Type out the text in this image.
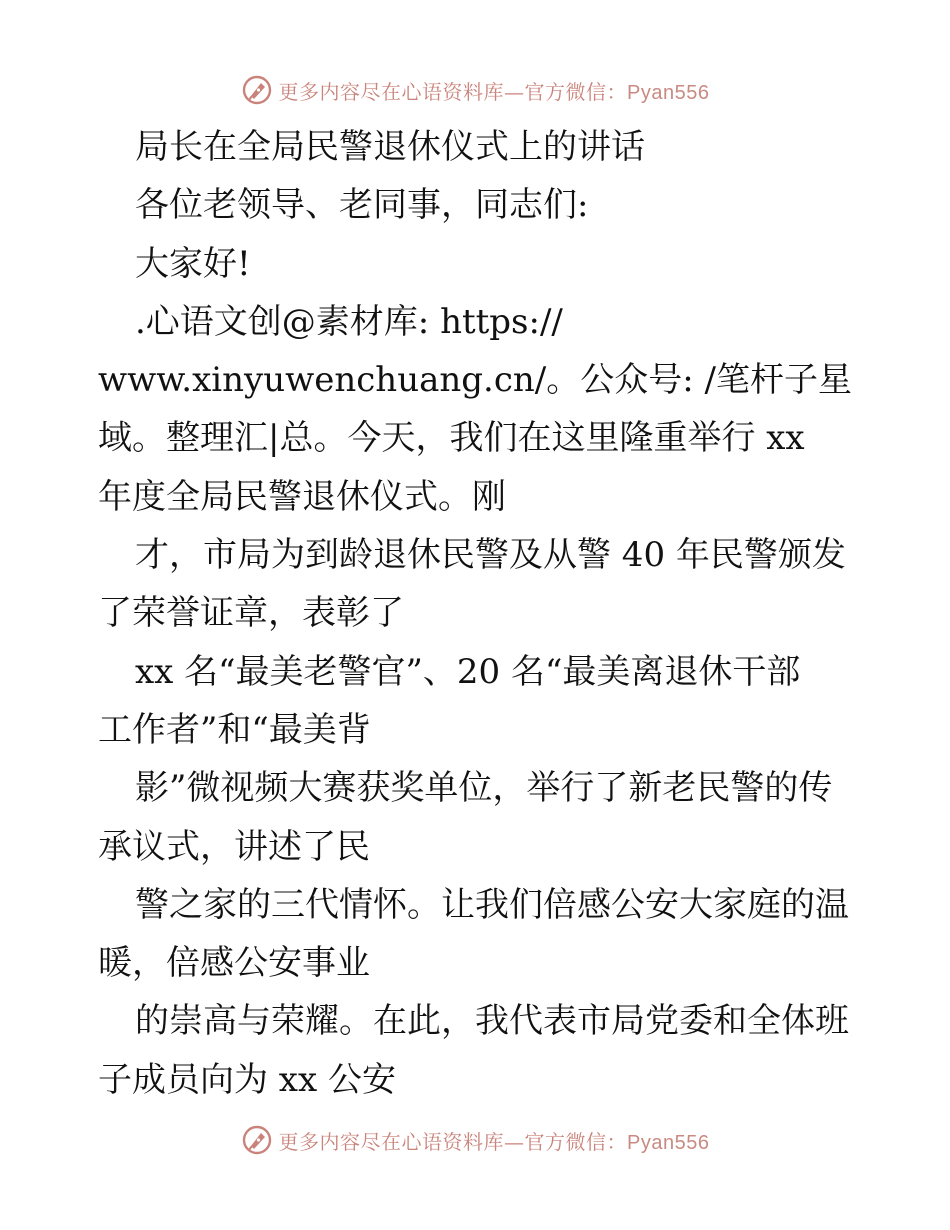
更多内容尽在心语资料库—官方微信：Pyan556
局长在全局民警退休仪式上的讲话
各位老领导、老同事，同志们:
大家好!
.心语文创@素材库: https://
www.xinyuwenchuang.cn/。公众号: /笔杆子星
域。整理汇|总。今天，我们在这里隆重举行 xx
年度全局民警退休仪式。刚
才，市局为到龄退休民警及从警 40 年民警颁发
了荣誉证章，表彰了
xx 名“最美老警官”、20 名“最美离退休干部
工作者”和“最美背
影”微视频大赛获奖单位，举行了新老民警的传
承议式，讲述了民
警之家的三代情怀。让我们倍感公安大家庭的温
暖，倍感公安事业
的崇高与荣耀。在此，我代表市局党委和全体班
子成员向为 xx 公安
更多内容尽在心语资料库—官方微信：Pyan556
